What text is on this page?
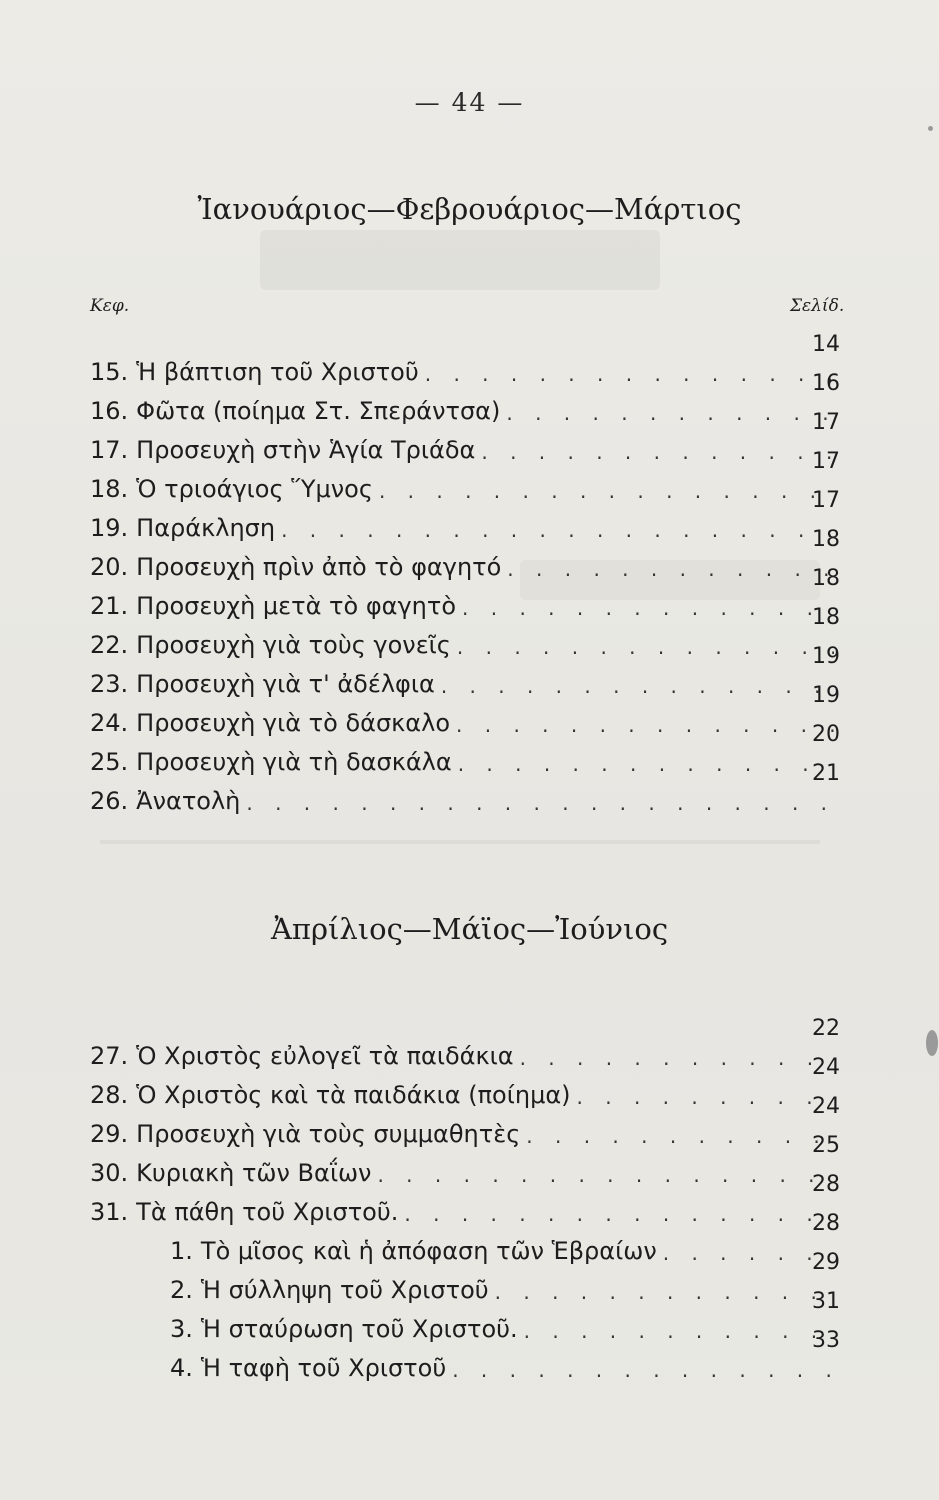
— 44 —
Ἰανουάριος—Φεβρουάριος—Μάρτιος
Κεφ.	Σελίδ.
15. Ἡ βάπτιση τοῦ Χριστοῦ
. . .
14
16. Φῶτα (ποίημα Στ. Σπεράντσα)
. . .
16
17. Προσευχὴ στὴν Ἁγία Τριάδα
. . .
17
18. Ὁ τριοάγιος Ὕμνος
. . .
17
19. Παράκληση
. . .
17
20. Προσευχὴ πρὶν ἀπὸ τὸ φαγητό
. . .
18
21. Προσευχὴ μετὰ τὸ φαγητὸ
. . .
18
22. Προσευχὴ γιὰ τοὺς γονεῖς
. . .
18
23. Προσευχὴ γιὰ τ' ἀδέλφια
. . .
19
24. Προσευχὴ γιὰ τὸ δάσκαλο
. . .
19
25. Προσευχὴ γιὰ τὴ δασκάλα
. . .
20
26. Ἀνατολὴ
. . .
21
Ἀπρίλιος—Μάϊος—Ἰούνιος
27. Ὁ Χριστὸς εὐλογεῖ τὰ παιδάκια
. . .
22
28. Ὁ Χριστὸς καὶ τὰ παιδάκια (ποίημα)
. . .
24
29. Προσευχὴ γιὰ τοὺς συμμαθητὲς
. . .
24
30. Κυριακὴ τῶν Βαΐων
. . .
25
31. Τὰ πάθη τοῦ Χριστοῦ.
. . .
28
1. Τὸ μῖσος καὶ ἡ ἀπόφαση τῶν Ἑβραίων
. . .
28
2. Ἡ σύλληψη τοῦ Χριστοῦ
. . .
29
3. Ἡ σταύρωση τοῦ Χριστοῦ.
. . .
31
4. Ἡ ταφὴ τοῦ Χριστοῦ
. . .
33
